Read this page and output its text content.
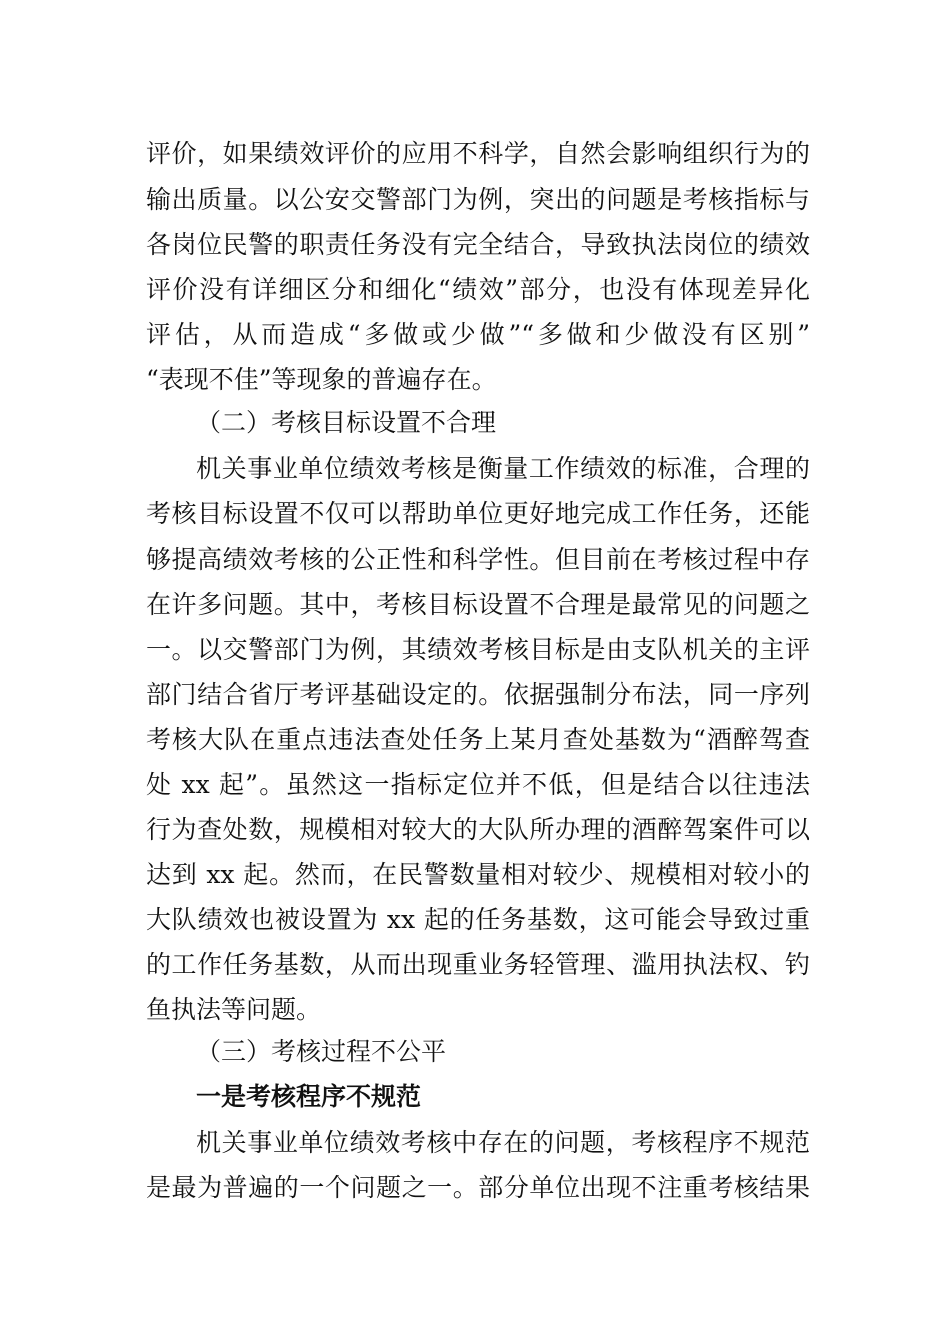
评价，如果绩效评价的应用不科学，自然会影响组织行为的
输出质量。以公安交警部门为例，突出的问题是考核指标与
各岗位民警的职责任务没有完全结合，导致执法岗位的绩效
评价没有详细区分和细化“绩效”部分，也没有体现差异化
评估，从而造成“多做或少做”“多做和少做没有区别”
“表现不佳”等现象的普遍存在。
（二）考核目标设置不合理
机关事业单位绩效考核是衡量工作绩效的标准，合理的
考核目标设置不仅可以帮助单位更好地完成工作任务，还能
够提高绩效考核的公正性和科学性。但目前在考核过程中存
在许多问题。其中，考核目标设置不合理是最常见的问题之
一。以交警部门为例，其绩效考核目标是由支队机关的主评
部门结合省厅考评基础设定的。依据强制分布法，同一序列
考核大队在重点违法查处任务上某月查处基数为“酒醉驾查
处 xx 起”。虽然这一指标定位并不低，但是结合以往违法
行为查处数，规模相对较大的大队所办理的酒醉驾案件可以
达到 xx 起。然而，在民警数量相对较少、规模相对较小的
大队绩效也被设置为 xx 起的任务基数，这可能会导致过重
的工作任务基数，从而出现重业务轻管理、滥用执法权、钓
鱼执法等问题。
（三）考核过程不公平
一是考核程序不规范
机关事业单位绩效考核中存在的问题，考核程序不规范
是最为普遍的一个问题之一。部分单位出现不注重考核结果
